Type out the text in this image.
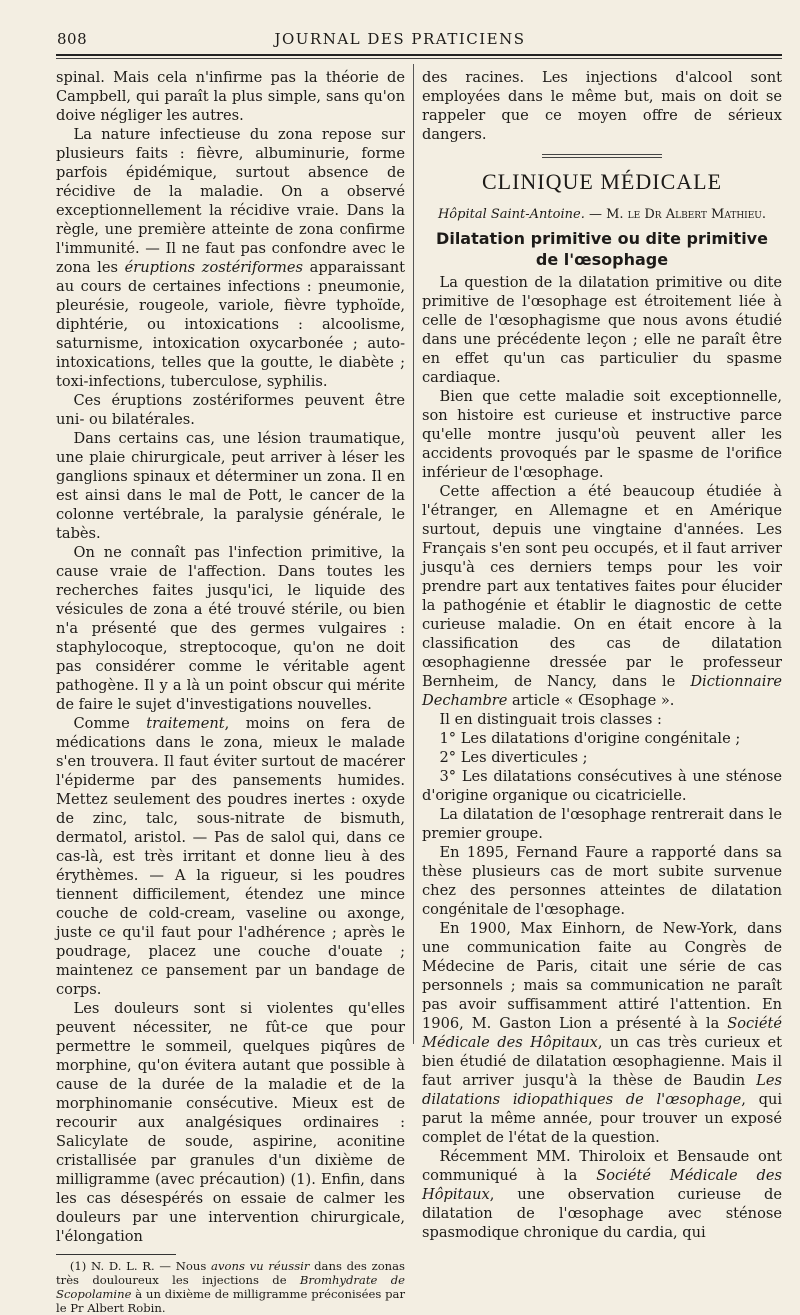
808	JOURNAL DES PRATICIENS

spinal. Mais cela n'infirme pas la théorie de Campbell, qui paraît la plus simple, sans qu'on doive négliger les autres.

La nature infectieuse du zona repose sur plusieurs faits : fièvre, albuminurie, forme parfois épidémique, surtout absence de récidive de la maladie. On a observé exceptionnellement la récidive vraie. Dans la règle, une première atteinte de zona confirme l'immunité. — Il ne faut pas confondre avec le zona les éruptions zostériformes apparaissant au cours de certaines infections : pneumonie, pleurésie, rougeole, variole, fièvre typhoïde, diphtérie, ou intoxications : alcoolisme, saturnisme, intoxication oxycarbonée ; auto-intoxications, telles que la goutte, le diabète ; toxi-infections, tuberculose, syphilis.

Ces éruptions zostériformes peuvent être uni- ou bilatérales.

Dans certains cas, une lésion traumatique, une plaie chirurgicale, peut arriver à léser les ganglions spinaux et déterminer un zona. Il en est ainsi dans le mal de Pott, le cancer de la colonne vertébrale, la paralysie générale, le tabès.

On ne connaît pas l'infection primitive, la cause vraie de l'affection. Dans toutes les recherches faites jusqu'ici, le liquide des vésicules de zona a été trouvé stérile, ou bien n'a présenté que des germes vulgaires : staphylocoque, streptocoque, qu'on ne doit pas considérer comme le véritable agent pathogène. Il y a là un point obscur qui mérite de faire le sujet d'investigations nouvelles.

Comme traitement, moins on fera de médications dans le zona, mieux le malade s'en trouvera. Il faut éviter surtout de macérer l'épiderme par des pansements humides. Mettez seulement des poudres inertes : oxyde de zinc, talc, sous-nitrate de bismuth, dermatol, aristol. — Pas de salol qui, dans ce cas-là, est très irritant et donne lieu à des érythèmes. — A la rigueur, si les poudres tiennent difficilement, étendez une mince couche de cold-cream, vaseline ou axonge, juste ce qu'il faut pour l'adhérence ; après le poudrage, placez une couche d'ouate ; maintenez ce pansement par un bandage de corps.

Les douleurs sont si violentes qu'elles peuvent nécessiter, ne fût-ce que pour permettre le sommeil, quelques piqûres de morphine, qu'on évitera autant que possible à cause de la durée de la maladie et de la morphinomanie consécutive. Mieux est de recourir aux analgésiques ordinaires : Salicylate de soude, aspirine, aconitine cristallisée par granules d'un dixième de milligramme (avec précaution) (1). Enfin, dans les cas désespérés on essaie de calmer les douleurs par une intervention chirurgicale, l'élongation

(1) N. D. L. R. — Nous avons vu réussir dans des zonas très douloureux les injections de Bromhydrate de Scopolamine à un dixième de milligramme préconisées par le Pr Albert Robin.

des racines. Les injections d'alcool sont employées dans le même but, mais on doit se rappeler que ce moyen offre de sérieux dangers.

CLINIQUE MÉDICALE
Hôpital Saint-Antoine. — M. le Dr Albert Mathieu.
Dilatation primitive ou dite primitive
de l'œsophage

La question de la dilatation primitive ou dite primitive de l'œsophage est étroitement liée à celle de l'œsophagisme que nous avons étudié dans une précédente leçon ; elle ne paraît être en effet qu'un cas particulier du spasme cardiaque.

Bien que cette maladie soit exceptionnelle, son histoire est curieuse et instructive parce qu'elle montre jusqu'où peuvent aller les accidents provoqués par le spasme de l'orifice inférieur de l'œsophage.

Cette affection a été beaucoup étudiée à l'étranger, en Allemagne et en Amérique surtout, depuis une vingtaine d'années. Les Français s'en sont peu occupés, et il faut arriver jusqu'à ces derniers temps pour les voir prendre part aux tentatives faites pour élucider la pathogénie et établir le diagnostic de cette curieuse maladie. On en était encore à la classification des cas de dilatation œsophagienne dressée par le professeur Bernheim, de Nancy, dans le Dictionnaire Dechambre article « Œsophage ».

Il en distinguait trois classes :

1° Les dilatations d'origine congénitale ;

2° Les diverticules ;

3° Les dilatations consécutives à une sténose d'origine organique ou cicatricielle.

La dilatation de l'œsophage rentrerait dans le premier groupe.

En 1895, Fernand Faure a rapporté dans sa thèse plusieurs cas de mort subite survenue chez des personnes atteintes de dilatation congénitale de l'œsophage.

En 1900, Max Einhorn, de New-York, dans une communication faite au Congrès de Médecine de Paris, citait une série de cas personnels ; mais sa communication ne paraît pas avoir suffisamment attiré l'attention. En 1906, M. Gaston Lion a présenté à la Société Médicale des Hôpitaux, un cas très curieux et bien étudié de dilatation œsophagienne. Mais il faut arriver jusqu'à la thèse de Baudin Les dilatations idiopathiques de l'œsophage, qui parut la même année, pour trouver un exposé complet de l'état de la question.

Récemment MM. Thiroloix et Bensaude ont communiqué à la Société Médicale des Hôpitaux, une observation curieuse de dilatation de l'œsophage avec sténose spasmodique chronique du cardia, qui
